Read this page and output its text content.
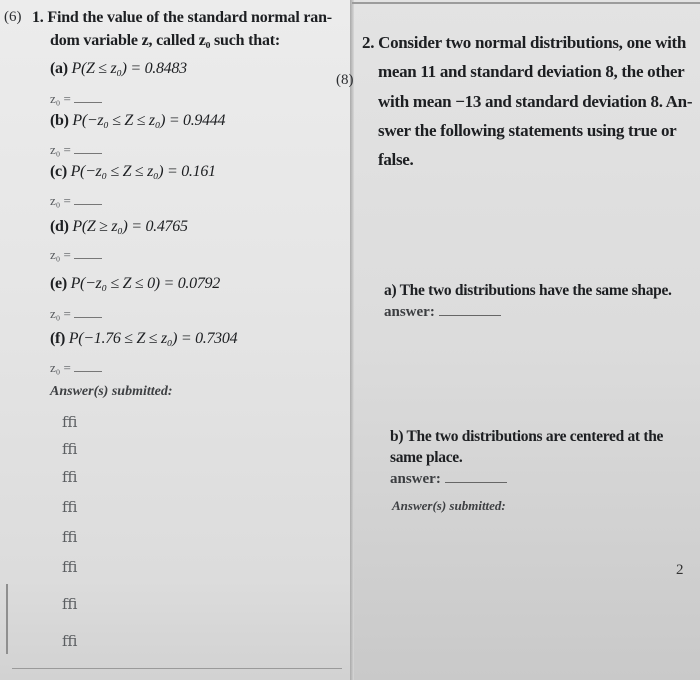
(6) 1. Find the value of the standard normal ran-
dom variable z, called z₀ such that:
(a) P(Z ≤ z₀) = 0.8483
z₀ =
(b) P(−z₀ ≤ Z ≤ z₀) = 0.9444
z₀ =
(c) P(−z₀ ≤ Z ≤ z₀) = 0.161
z₀ =
(d) P(Z ≥ z₀) = 0.4765
z₀ =
(e) P(−z₀ ≤ Z ≤ 0) = 0.0792
z₀ =
(f) P(−1.76 ≤ Z ≤ z₀) = 0.7304
z₀ =
Answer(s) submitted:
ﬃ
ﬃ
ﬃ
ﬃ
ﬃ
ﬃ
ﬃ
ﬃ
(8)
2. Consider two normal distributions, one with
mean 11 and standard deviation 8, the other
with mean −13 and standard deviation 8. An-
swer the following statements using true or
false.
a) The two distributions have the same shape.
answer:
b) The two distributions are centered at the
same place.
answer:
Answer(s) submitted:
2
